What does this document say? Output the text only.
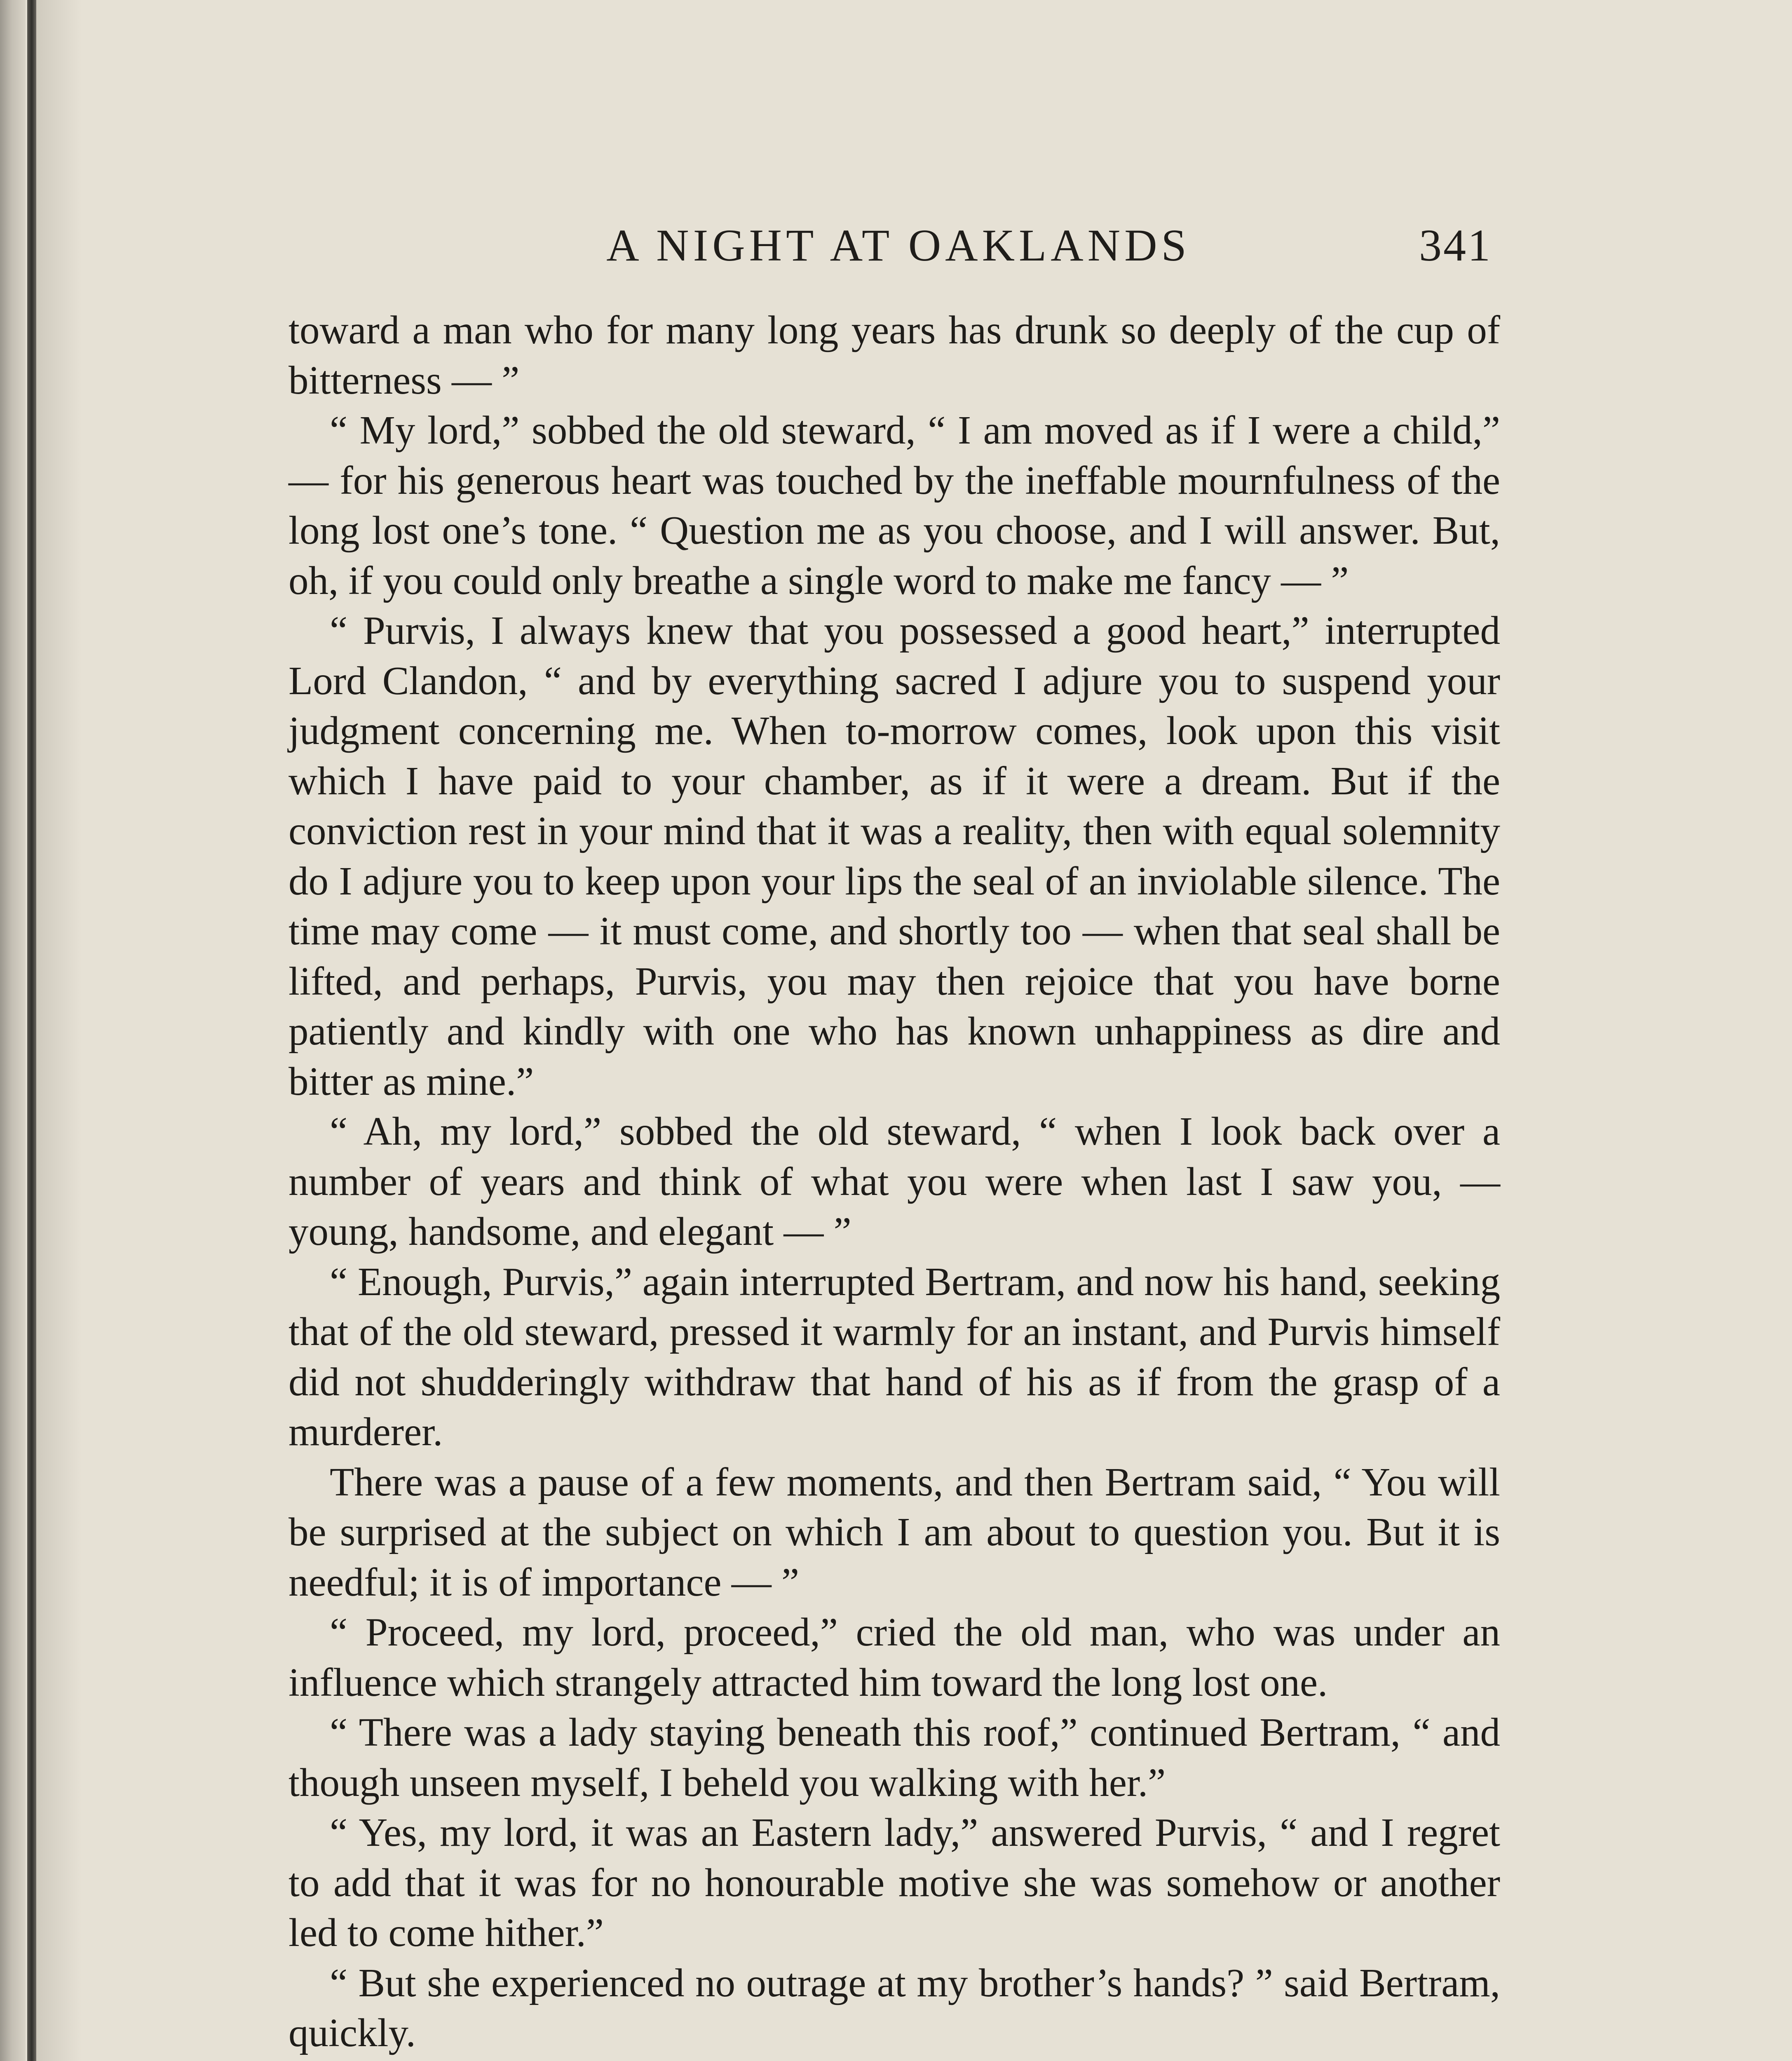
A NIGHT AT OAKLANDS	341

toward a man who for many long years has drunk so deeply of the cup of bitterness — ”

“ My lord,” sobbed the old steward, “ I am moved as if I were a child,” — for his generous heart was touched by the ineffable mournfulness of the long lost one’s tone. “ Question me as you choose, and I will answer. But, oh, if you could only breathe a single word to make me fancy — ”

“ Purvis, I always knew that you possessed a good heart,” interrupted Lord Clandon, “ and by everything sacred I adjure you to suspend your judgment concerning me. When to-morrow comes, look upon this visit which I have paid to your chamber, as if it were a dream. But if the conviction rest in your mind that it was a reality, then with equal solemnity do I adjure you to keep upon your lips the seal of an inviolable silence. The time may come — it must come, and shortly too — when that seal shall be lifted, and perhaps, Purvis, you may then rejoice that you have borne patiently and kindly with one who has known unhappiness as dire and bitter as mine.”

“ Ah, my lord,” sobbed the old steward, “ when I look back over a number of years and think of what you were when last I saw you, — young, handsome, and elegant — ”

“ Enough, Purvis,” again interrupted Bertram, and now his hand, seeking that of the old steward, pressed it warmly for an instant, and Purvis himself did not shudderingly withdraw that hand of his as if from the grasp of a murderer.

There was a pause of a few moments, and then Bertram said, “ You will be surprised at the subject on which I am about to question you. But it is needful; it is of importance — ”

“ Proceed, my lord, proceed,” cried the old man, who was under an influence which strangely attracted him toward the long lost one.

“ There was a lady staying beneath this roof,” continued Bertram, “ and though unseen myself, I beheld you walking with her.”

“ Yes, my lord, it was an Eastern lady,” answered Purvis, “ and I regret to add that it was for no honourable motive she was somehow or another led to come hither.”

“ But she experienced no outrage at my brother’s hands? ” said Bertram, quickly.
